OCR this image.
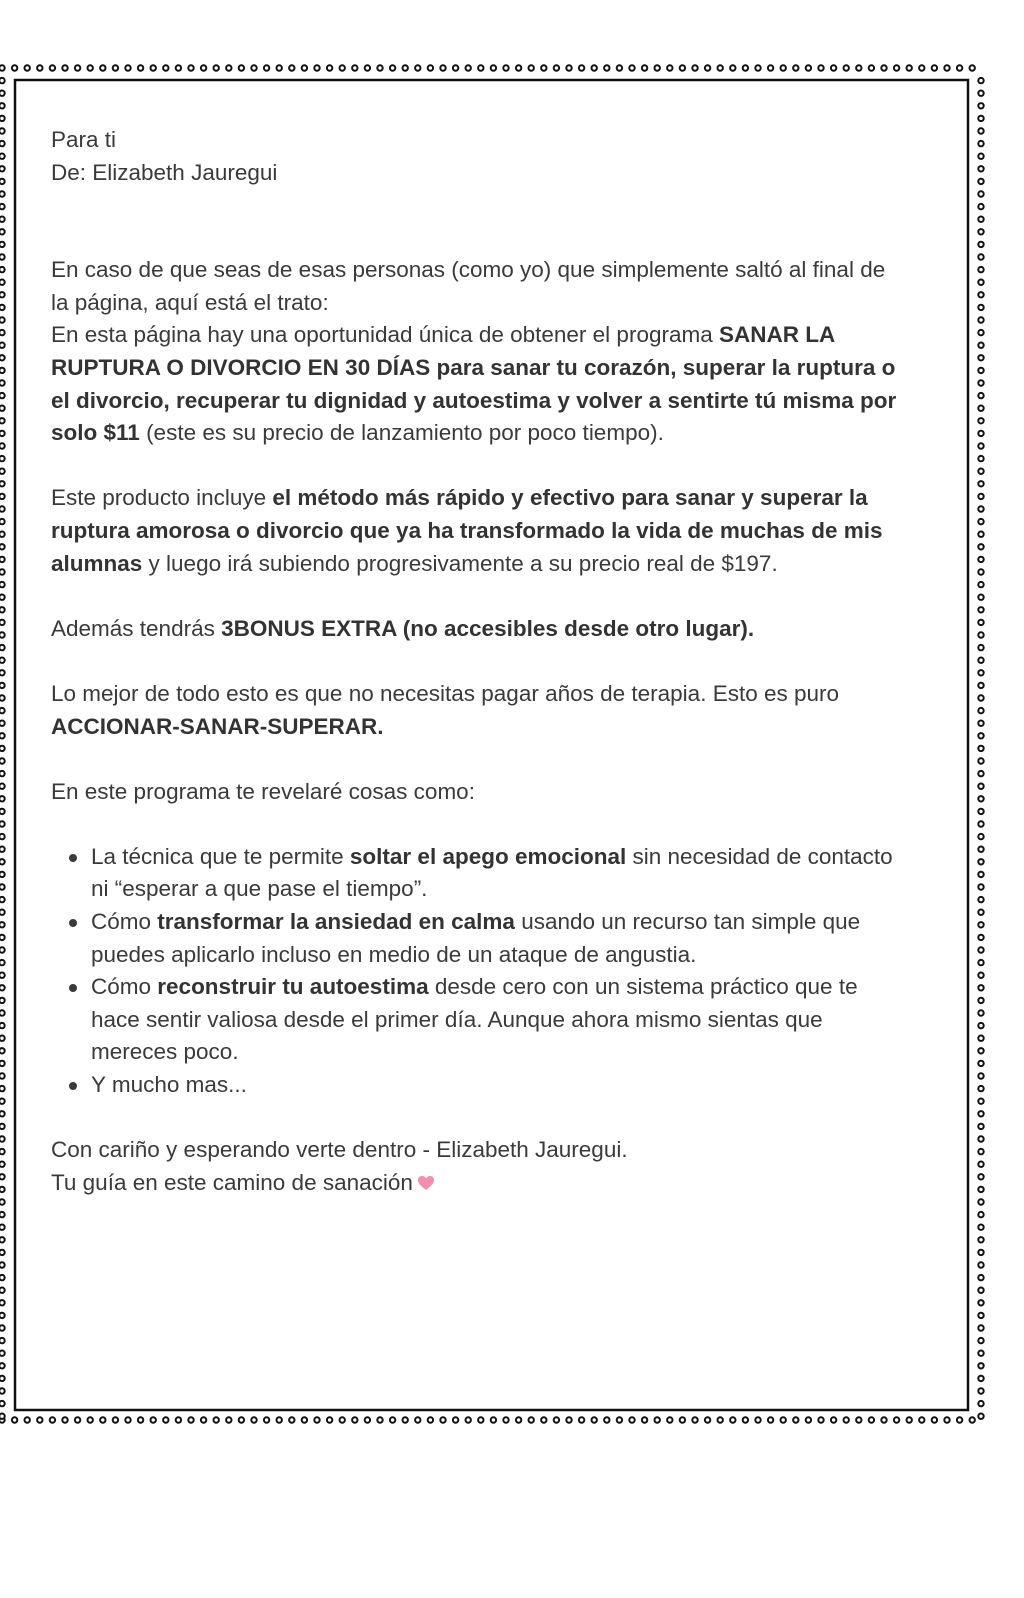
Para ti

De: Elizabeth Jauregui

En caso de que seas de esas personas (como yo) que simplemente saltó al final de la página, aquí está el trato:
En esta página hay una oportunidad única de obtener el programa SANAR LA RUPTURA O DIVORCIO EN 30 DÍAS para sanar tu corazón, superar la ruptura o el divorcio, recuperar tu dignidad y autoestima y volver a sentirte tú misma por solo $11 (este es su precio de lanzamiento por poco tiempo).

Este producto incluye el método más rápido y efectivo para sanar y superar la ruptura amorosa o divorcio que ya ha transformado la vida de muchas de mis alumnas y luego irá subiendo progresivamente a su precio real de $197.

Además tendrás 3BONUS EXTRA (no accesibles desde otro lugar).

Lo mejor de todo esto es que no necesitas pagar años de terapia. Esto es puro ACCIONAR-SANAR-SUPERAR.

En este programa te revelaré cosas como:

La técnica que te permite soltar el apego emocional sin necesidad de contacto ni “esperar a que pase el tiempo”.
Cómo transformar la ansiedad en calma usando un recurso tan simple que puedes aplicarlo incluso en medio de un ataque de angustia.
Cómo reconstruir tu autoestima desde cero con un sistema práctico que te hace sentir valiosa desde el primer día. Aunque ahora mismo sientas que mereces poco.
Y mucho mas...

Con cariño y esperando verte dentro - Elizabeth Jauregui.

Tu guía en este camino de sanación
